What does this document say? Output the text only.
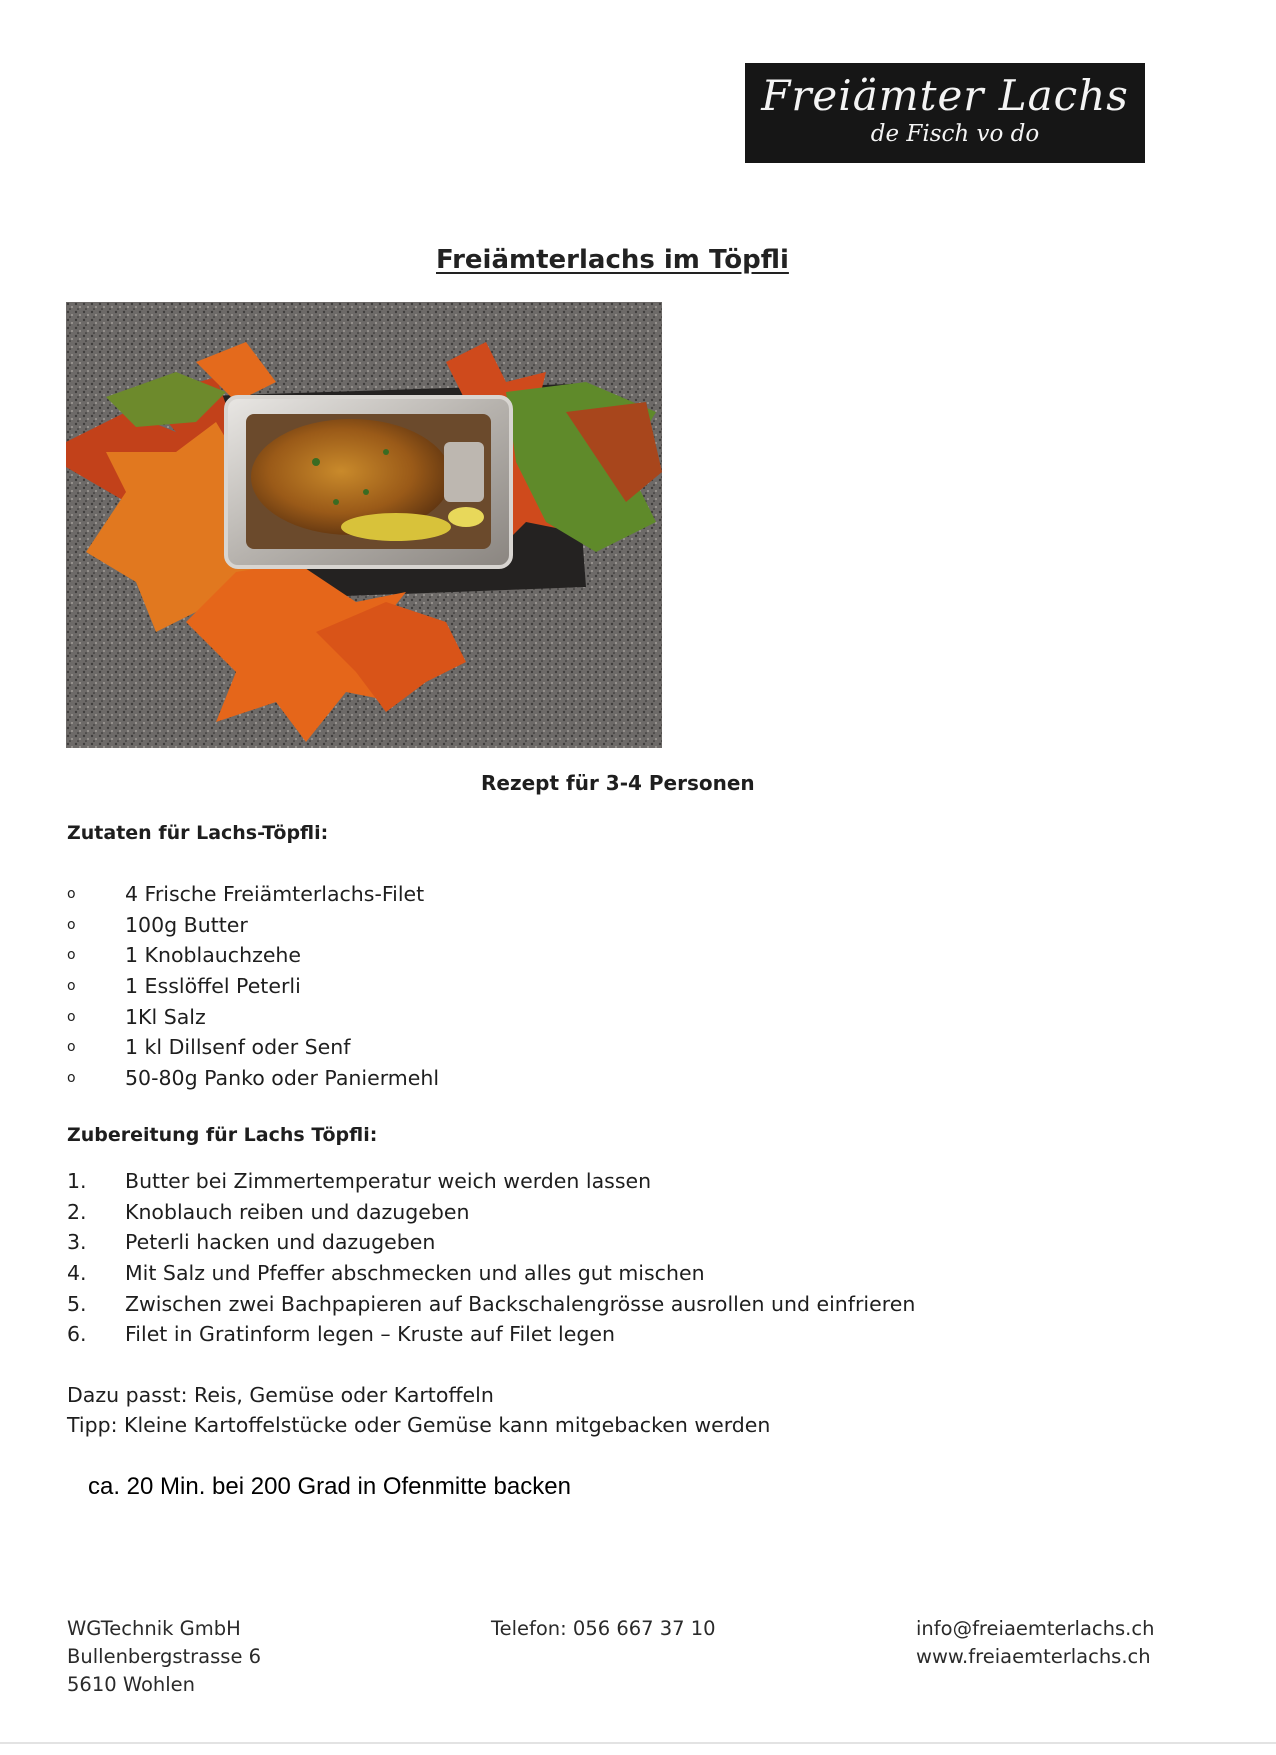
Freiämter Lachs
de Fisch vo do
Freiämterlachs im Töpfli
Rezept für 3-4 Personen
Zutaten für Lachs-Töpfli:
o	4 Frische Freiämterlachs-Filet
o	100g Butter
o	1 Knoblauchzehe
o	1 Esslöffel Peterli
o	1Kl Salz
o	1 kl Dillsenf oder Senf
o	50-80g Panko oder Paniermehl
Zubereitung für Lachs Töpfli:
1.	Butter bei Zimmertemperatur weich werden lassen
2.	Knoblauch reiben und dazugeben
3.	Peterli hacken und dazugeben
4.	Mit Salz und Pfeffer abschmecken und alles gut mischen
5.	Zwischen zwei Bachpapieren auf Backschalengrösse ausrollen und einfrieren
6.	Filet in Gratinform legen – Kruste auf Filet legen
Dazu passt: Reis, Gemüse oder Kartoffeln
Tipp: Kleine Kartoffelstücke oder Gemüse kann mitgebacken werden
ca. 20 Min. bei 200 Grad in Ofenmitte backen
WGTechnik GmbH
Bullenbergstrasse 6
5610 Wohlen
Telefon: 056 667 37 10	info@freiaemterlachs.ch
www.freiaemterlachs.ch
